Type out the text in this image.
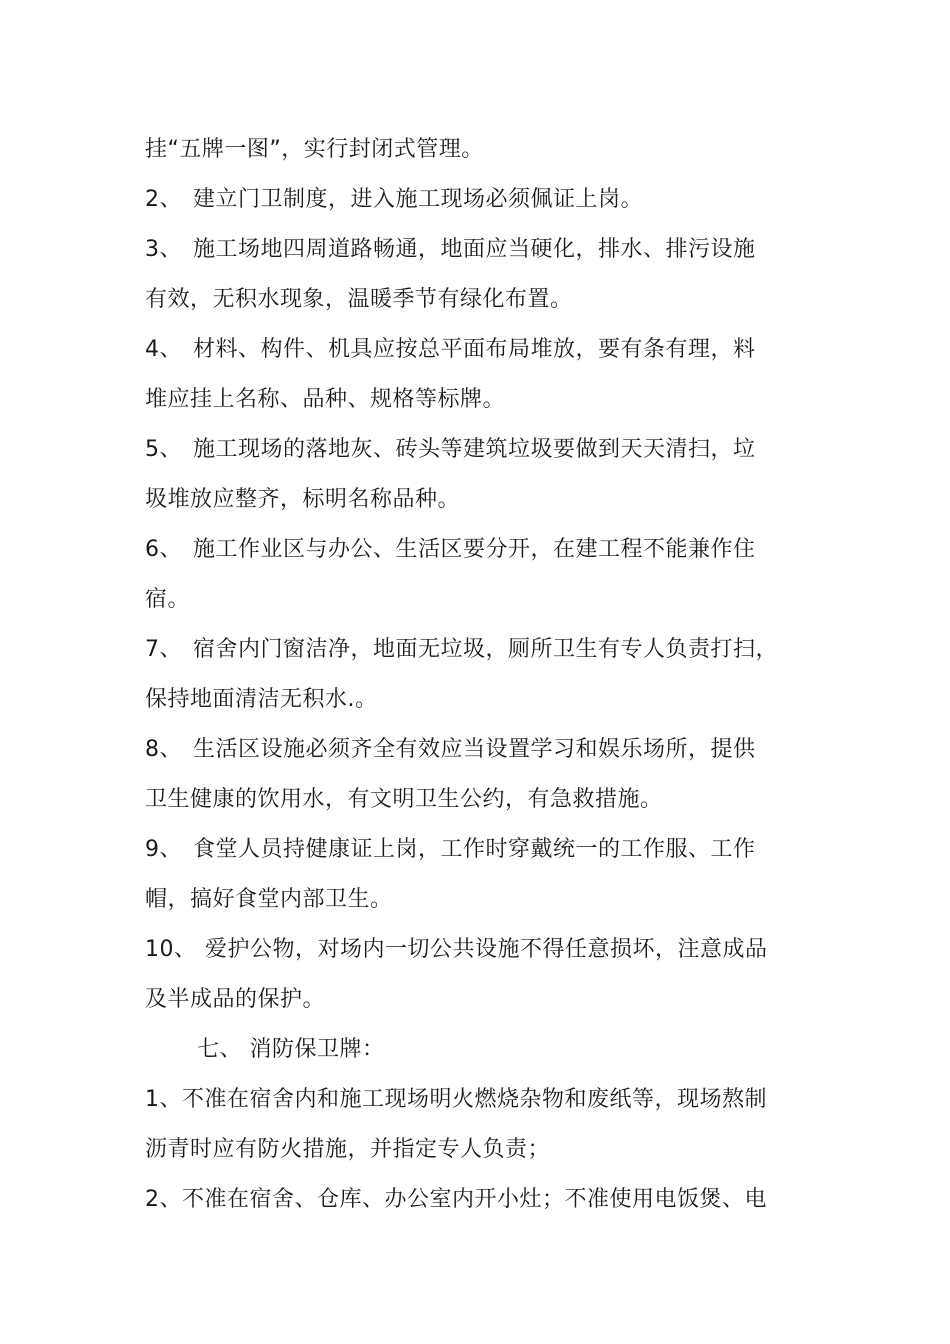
挂“五牌一图”，实行封闭式管理。
2、 建立门卫制度，进入施工现场必须佩证上岗。
3、 施工场地四周道路畅通，地面应当硬化，排水、排污设施
有效，无积水现象，温暖季节有绿化布置。
4、 材料、构件、机具应按总平面布局堆放，要有条有理，料
堆应挂上名称、品种、规格等标牌。
5、 施工现场的落地灰、砖头等建筑垃圾要做到天天清扫，垃
圾堆放应整齐，标明名称品种。
6、 施工作业区与办公、生活区要分开，在建工程不能兼作住
宿。
7、 宿舍内门窗洁净，地面无垃圾，厕所卫生有专人负责打扫，
保持地面清洁无积水.。
8、 生活区设施必须齐全有效应当设置学习和娱乐场所，提供
卫生健康的饮用水，有文明卫生公约，有急救措施。
9、 食堂人员持健康证上岗，工作时穿戴统一的工作服、工作
帽，搞好食堂内部卫生。
10、 爱护公物，对场内一切公共设施不得任意损坏，注意成品
及半成品的保护。
七、 消防保卫牌：
1、不准在宿舍内和施工现场明火燃烧杂物和废纸等，现场熬制
沥青时应有防火措施，并指定专人负责；
2、不准在宿舍、仓库、办公室内开小灶；不准使用电饭煲、电
